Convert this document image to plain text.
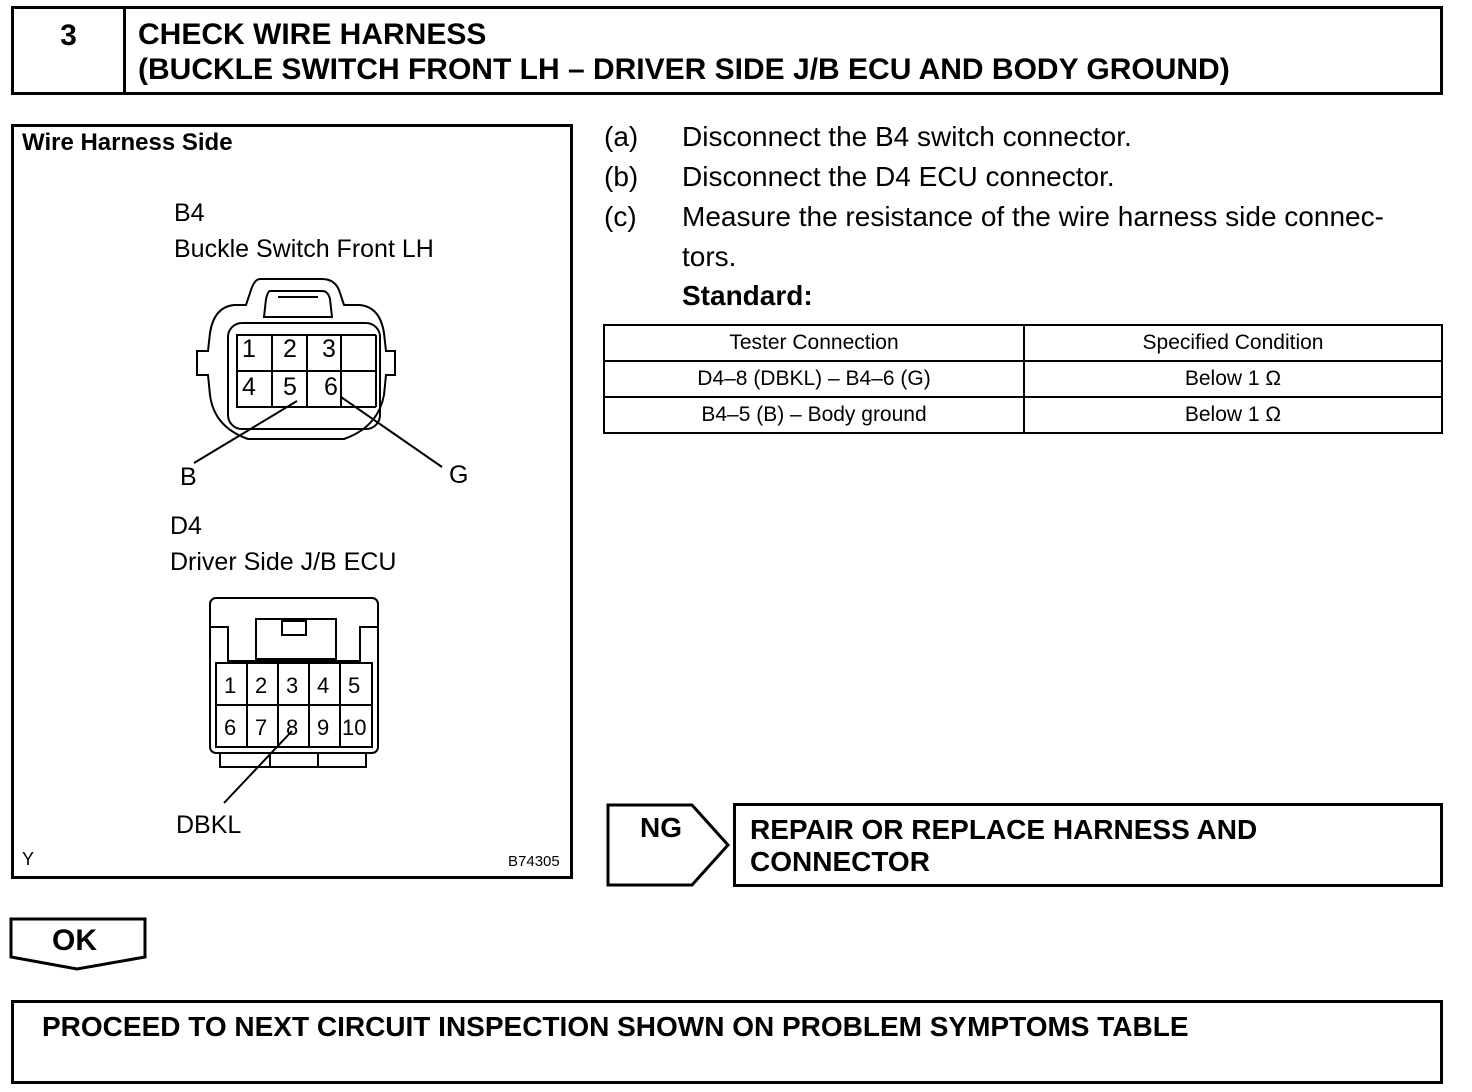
3	CHECK WIRE HARNESS
(BUCKLE SWITCH FRONT LH – DRIVER SIDE J/B ECU AND BODY GROUND)
Wire Harness Side
B4
Buckle Switch Front LH
1 2 3
4 5 6
B	G
D4
Driver Side J/B ECU
1 2 3 4 5
6 7 8 9 10
DBKL
Y	B74305
(a) Disconnect the B4 switch connector.
(b) Disconnect the D4 ECU connector.
(c) Measure the resistance of the wire harness side connec-
tors.
Standard:
Tester Connection	Specified Condition
D4–8 (DBKL) – B4–6 (G)	Below 1 Ω
B4–5 (B) – Body ground	Below 1 Ω
NG REPAIR OR REPLACE HARNESS AND
CONNECTOR
OK
PROCEED TO NEXT CIRCUIT INSPECTION SHOWN ON PROBLEM SYMPTOMS TABLE
